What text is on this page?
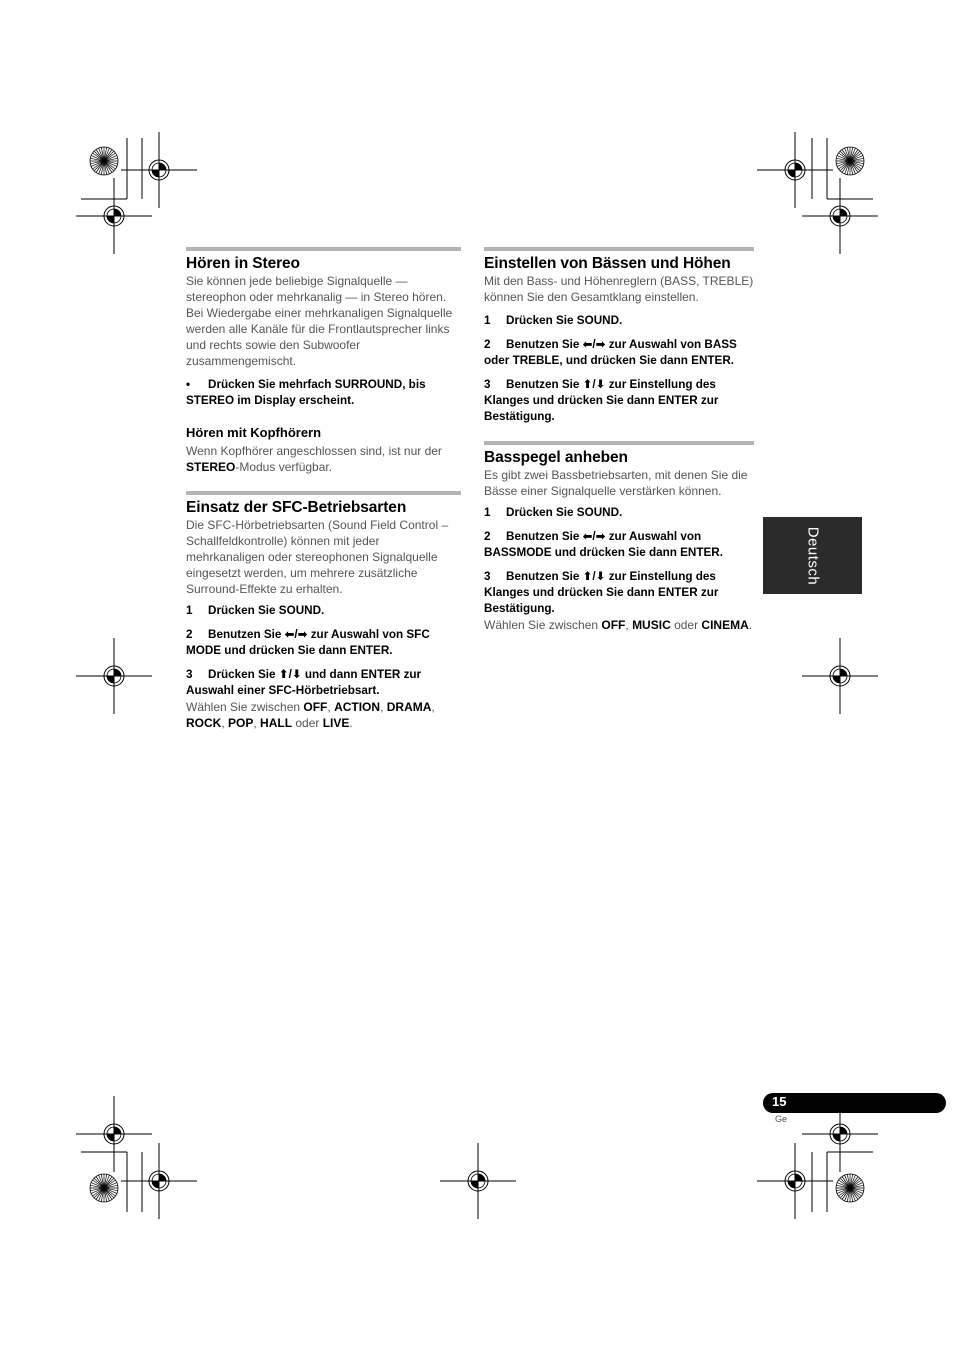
Hören in Stereo

Sie können jede beliebige Signalquelle — stereophon oder mehrkanalig — in Stereo hören. Bei Wiedergabe einer mehrkanaligen Signalquelle werden alle Kanäle für die Frontlautsprecher links und rechts sowie den Subwoofer zusammengemischt.

• Drücken Sie mehrfach SURROUND, bis STEREO im Display erscheint.

Hören mit Kopfhörern

Wenn Kopfhörer angeschlossen sind, ist nur der STEREO-Modus verfügbar.

Einsatz der SFC-Betriebsarten

Die SFC-Hörbetriebsarten (Sound Field Control – Schallfeldkontrolle) können mit jeder mehrkanaligen oder stereophonen Signalquelle eingesetzt werden, um mehrere zusätzliche Surround-Effekte zu erhalten.

1 Drücken Sie SOUND.

2 Benutzen Sie ⬅/➡ zur Auswahl von SFC MODE und drücken Sie dann ENTER.

3 Drücken Sie ⬆/⬇ und dann ENTER zur Auswahl einer SFC-Hörbetriebsart.

Wählen Sie zwischen OFF, ACTION, DRAMA, ROCK, POP, HALL oder LIVE.

Einstellen von Bässen und Höhen

Mit den Bass- und Höhenreglern (BASS, TREBLE) können Sie den Gesamtklang einstellen.

1 Drücken Sie SOUND.

2 Benutzen Sie ⬅/➡ zur Auswahl von BASS oder TREBLE, und drücken Sie dann ENTER.

3 Benutzen Sie ⬆/⬇ zur Einstellung des Klanges und drücken Sie dann ENTER zur Bestätigung.

Basspegel anheben

Es gibt zwei Bassbetriebsarten, mit denen Sie die Bässe einer Signalquelle verstärken können.

1 Drücken Sie SOUND.

2 Benutzen Sie ⬅/➡ zur Auswahl von BASSMODE und drücken Sie dann ENTER.

3 Benutzen Sie ⬆/⬇ zur Einstellung des Klanges und drücken Sie dann ENTER zur Bestätigung.

Wählen Sie zwischen OFF, MUSIC oder CINEMA.

Deutsch
15
Ge
